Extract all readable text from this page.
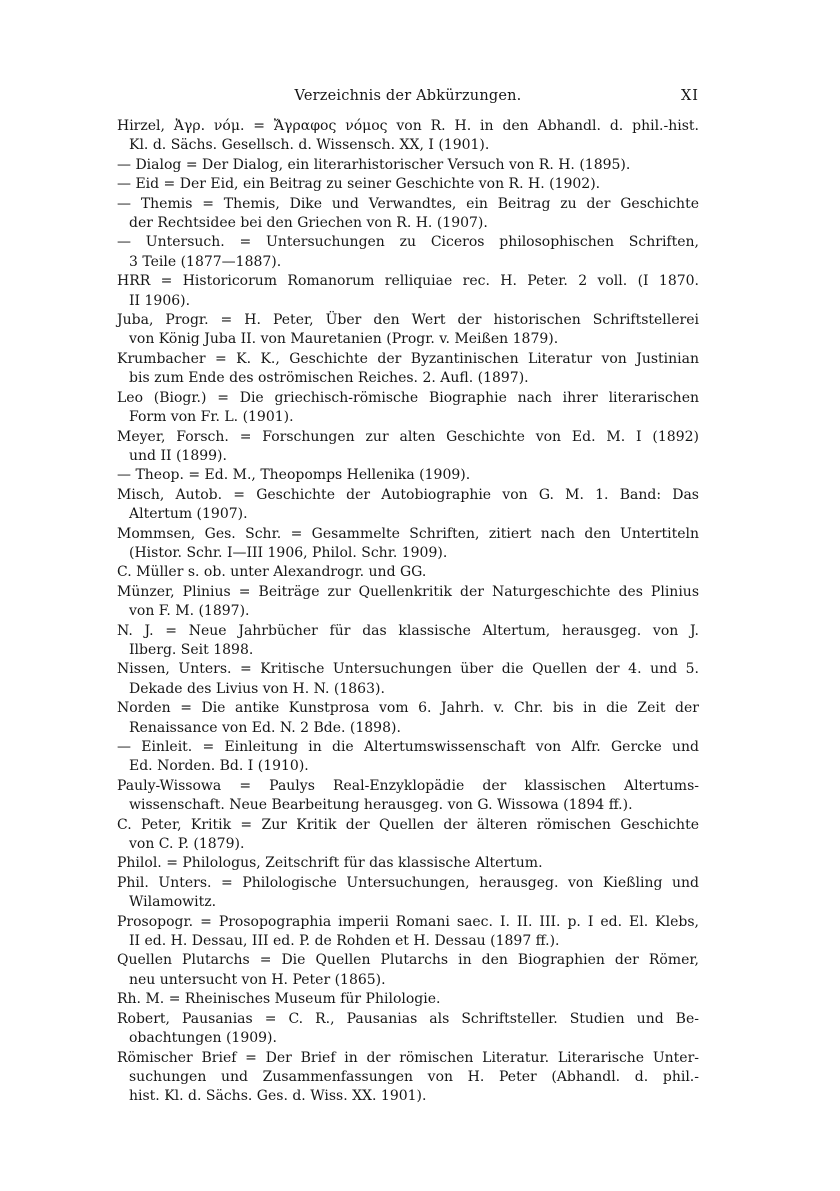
Verzeichnis der Abkürzungen.	XI
Hirzel, Ἀγρ. νόμ. = Ἄγραφος νόμος von R. H. in den Abhandl. d. phil.-hist.
Kl. d. Sächs. Gesellsch. d. Wissensch. XX, I (1901).
— Dialog = Der Dialog, ein literarhistorischer Versuch von R. H. (1895).
— Eid = Der Eid, ein Beitrag zu seiner Geschichte von R. H. (1902).
— Themis = Themis, Dike und Verwandtes, ein Beitrag zu der Geschichte
der Rechtsidee bei den Griechen von R. H. (1907).
— Untersuch. = Untersuchungen zu Ciceros philosophischen Schriften,
3 Teile (1877—1887).
HRR = Historicorum Romanorum relliquiae rec. H. Peter. 2 voll. (I 1870.
II 1906).
Juba, Progr. = H. Peter, Über den Wert der historischen Schriftstellerei
von König Juba II. von Mauretanien (Progr. v. Meißen 1879).
Krumbacher = K. K., Geschichte der Byzantinischen Literatur von Justinian
bis zum Ende des oströmischen Reiches. 2. Aufl. (1897).
Leo (Biogr.) = Die griechisch-römische Biographie nach ihrer literarischen
Form von Fr. L. (1901).
Meyer, Forsch. = Forschungen zur alten Geschichte von Ed. M. I (1892)
und II (1899).
— Theop. = Ed. M., Theopomps Hellenika (1909).
Misch, Autob. = Geschichte der Autobiographie von G. M. 1. Band: Das
Altertum (1907).
Mommsen, Ges. Schr. = Gesammelte Schriften, zitiert nach den Untertiteln
(Histor. Schr. I—III 1906, Philol. Schr. 1909).
C. Müller s. ob. unter Alexandrogr. und GG.
Münzer, Plinius = Beiträge zur Quellenkritik der Naturgeschichte des Plinius
von F. M. (1897).
N. J. = Neue Jahrbücher für das klassische Altertum, herausgeg. von J.
Ilberg. Seit 1898.
Nissen, Unters. = Kritische Untersuchungen über die Quellen der 4. und 5.
Dekade des Livius von H. N. (1863).
Norden = Die antike Kunstprosa vom 6. Jahrh. v. Chr. bis in die Zeit der
Renaissance von Ed. N. 2 Bde. (1898).
— Einleit. = Einleitung in die Altertumswissenschaft von Alfr. Gercke und
Ed. Norden. Bd. I (1910).
Pauly-Wissowa = Paulys Real-Enzyklopädie der klassischen Altertums-
wissenschaft. Neue Bearbeitung herausgeg. von G. Wissowa (1894 ff.).
C. Peter, Kritik = Zur Kritik der Quellen der älteren römischen Geschichte
von C. P. (1879).
Philol. = Philologus, Zeitschrift für das klassische Altertum.
Phil. Unters. = Philologische Untersuchungen, herausgeg. von Kießling und
Wilamowitz.
Prosopogr. = Prosopographia imperii Romani saec. I. II. III. p. I ed. El. Klebs,
II ed. H. Dessau, III ed. P. de Rohden et H. Dessau (1897 ff.).
Quellen Plutarchs = Die Quellen Plutarchs in den Biographien der Römer,
neu untersucht von H. Peter (1865).
Rh. M. = Rheinisches Museum für Philologie.
Robert, Pausanias = C. R., Pausanias als Schriftsteller. Studien und Be-
obachtungen (1909).
Römischer Brief = Der Brief in der römischen Literatur. Literarische Unter-
suchungen und Zusammenfassungen von H. Peter (Abhandl. d. phil.-
hist. Kl. d. Sächs. Ges. d. Wiss. XX. 1901).
